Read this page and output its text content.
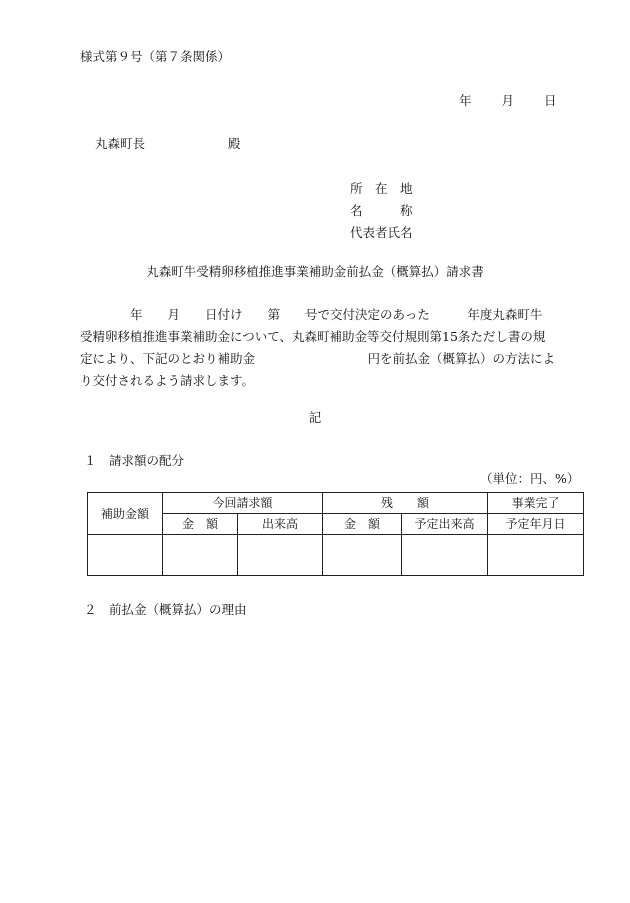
様式第９号（第７条関係）
年 月 日
丸森町長	殿
所　在　地
名　　　称
代表者氏名
丸森町牛受精卵移植推進事業補助金前払金（概算払）請求書

　　　　年　　月　　日付け　　第　　号で交付決定のあった　　　年度丸森町牛

受精卵移植推進事業補助金について、丸森町補助金等交付規則第15条ただし書の規

定により、下記のとおり補助金　　　　　　　　　円を前払金（概算払）の方法によ

り交付されるよう請求します。

記
１　請求額の配分
（単位：円、%）
補助金額	今回請求額		残　　額		事業完了
	金　額	出来高	金　額	予定出来高	予定年月日

２　前払金（概算払）の理由
